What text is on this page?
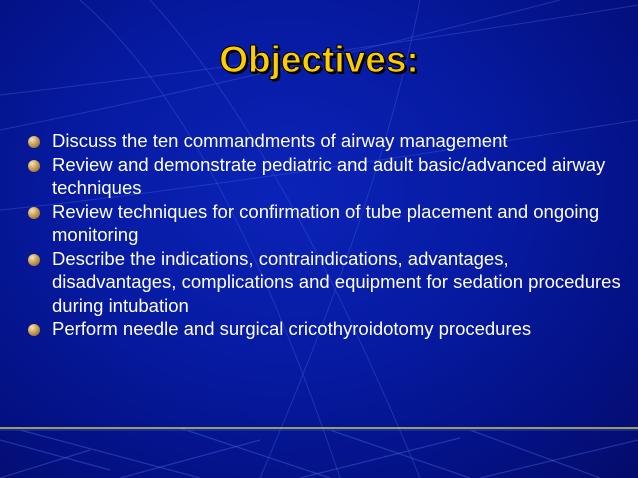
Objectives:
Discuss the ten commandments of airway management
Review and demonstrate pediatric and adult basic/advanced airway techniques
Review techniques for confirmation of tube placement and ongoing monitoring
Describe the indications, contraindications, advantages, disadvantages, complications and equipment for sedation procedures during intubation
Perform needle and surgical cricothyroidotomy procedures
